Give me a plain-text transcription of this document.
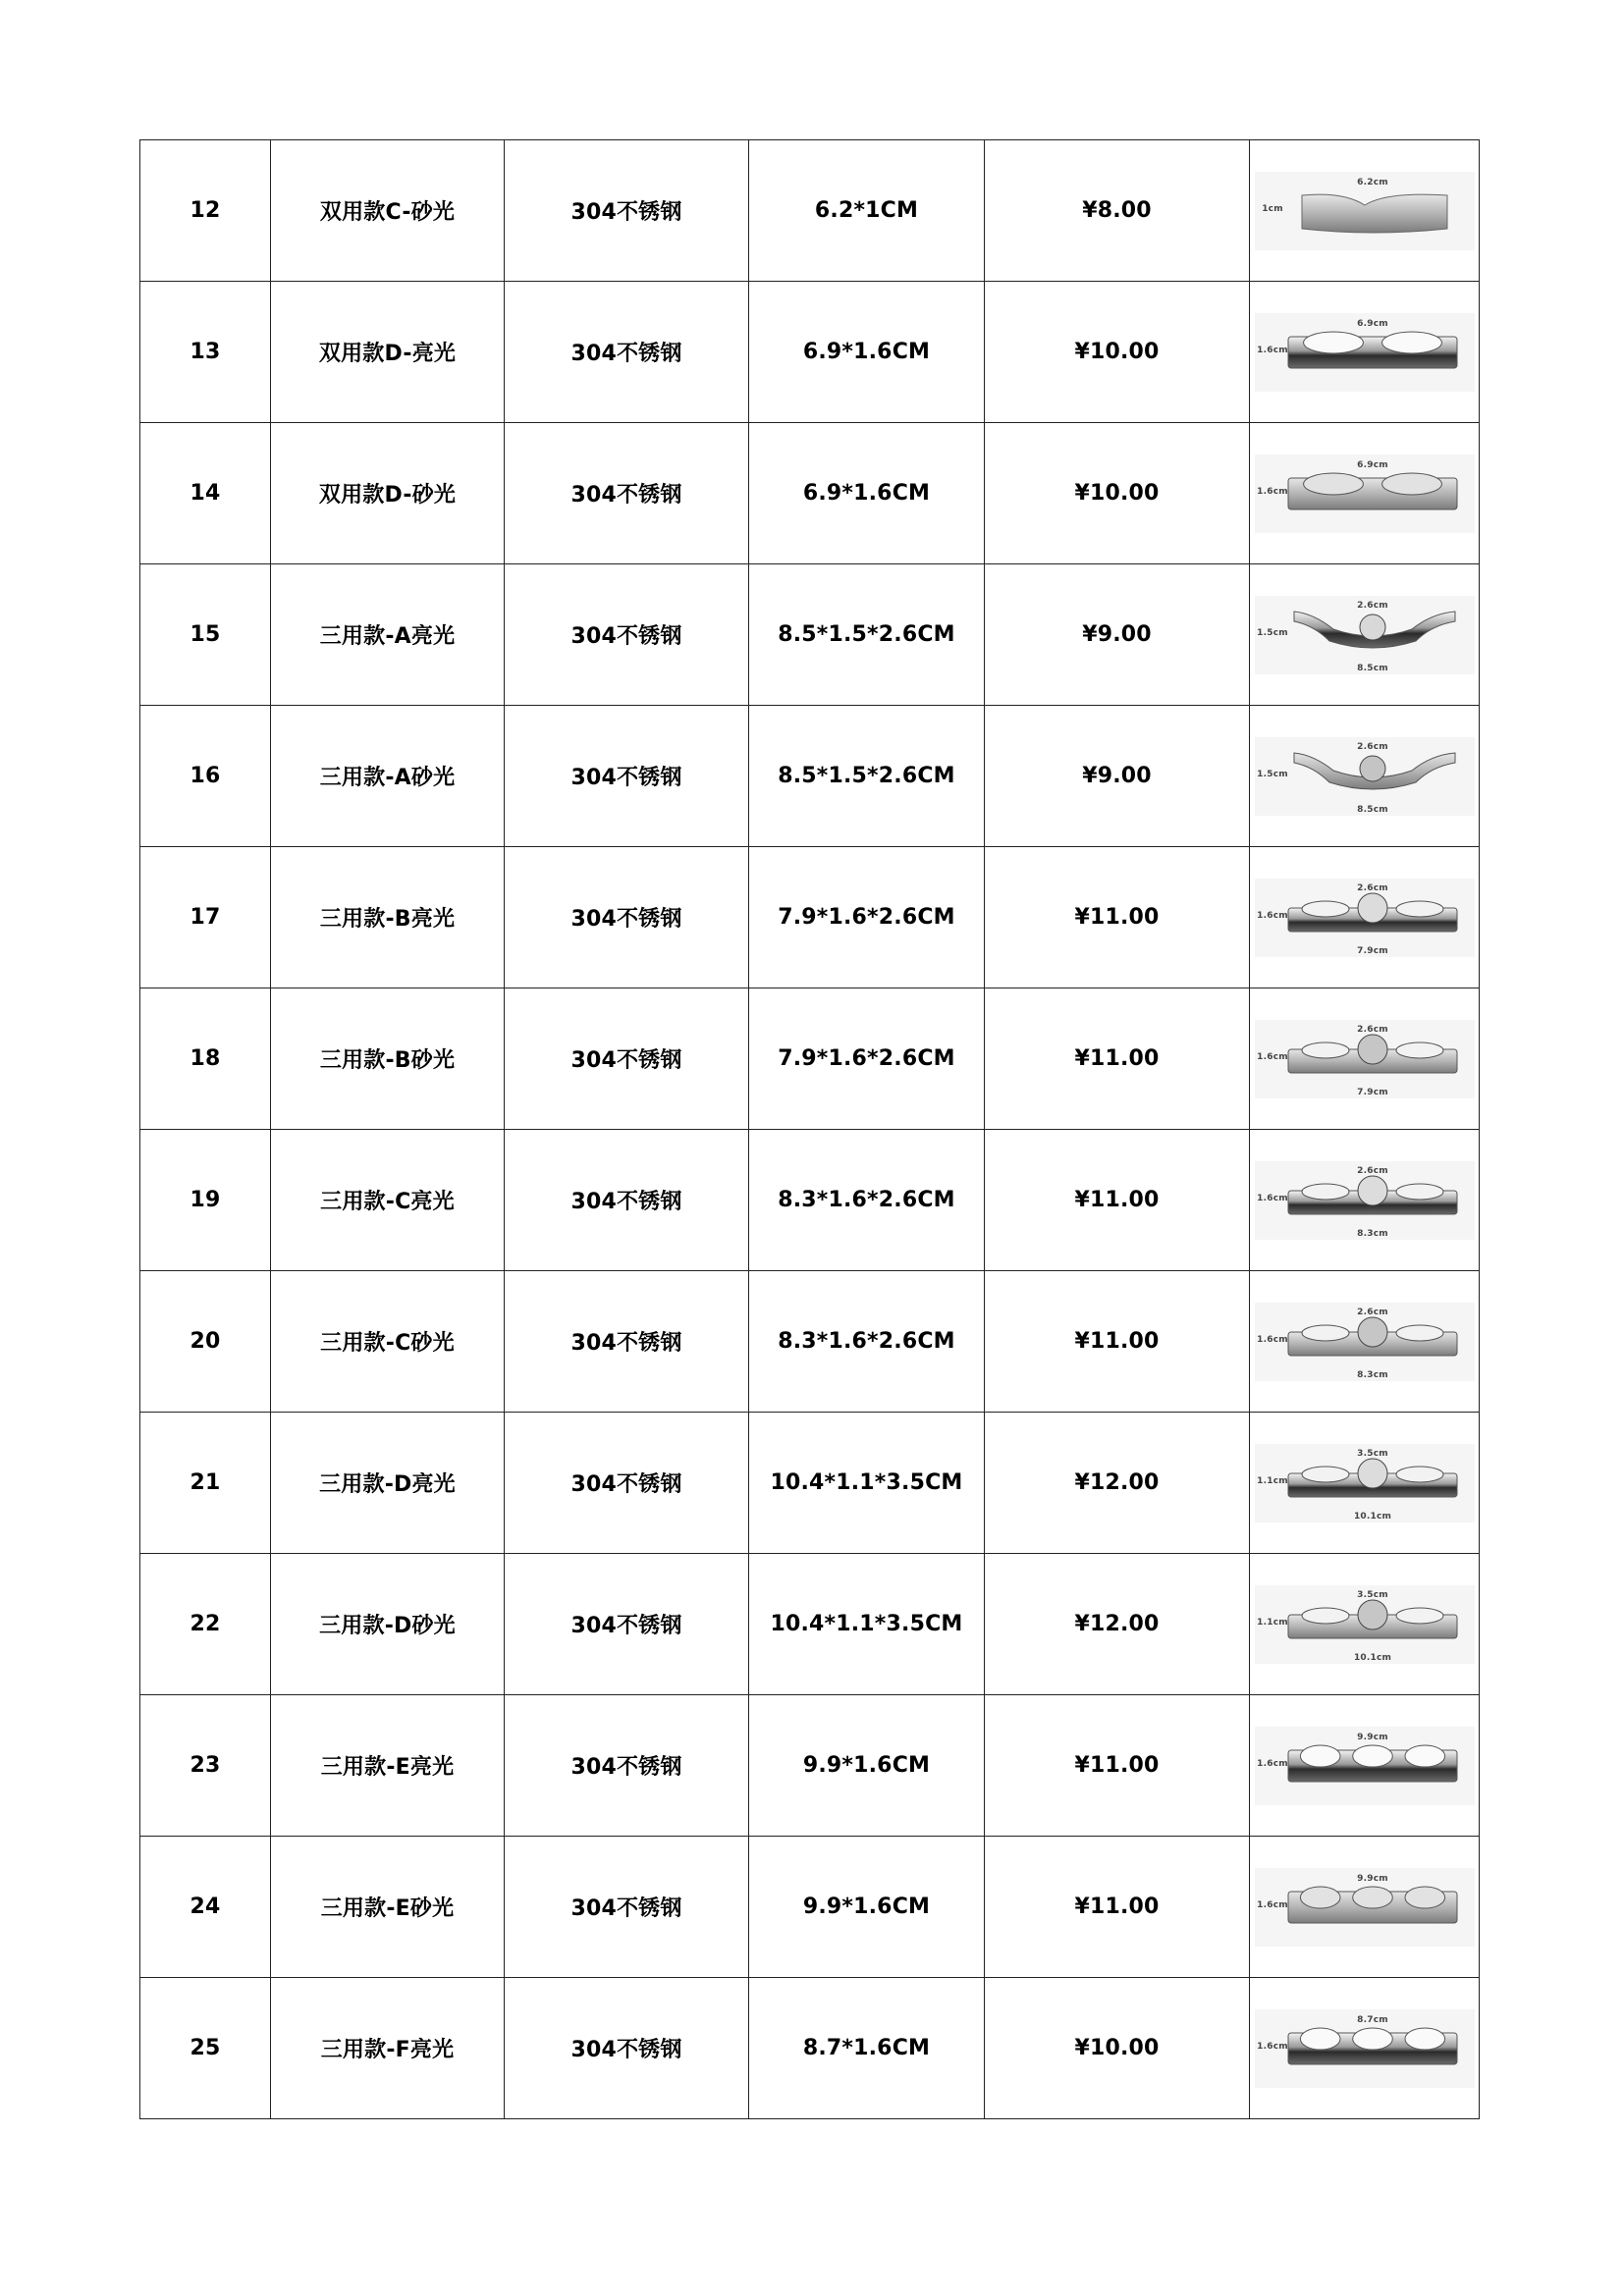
12	双用款C-砂光	304不锈钢	6.2*1CM	¥8.00	6.2cm
1cm

13	双用款D-亮光	304不锈钢	6.9*1.6CM	¥10.00	6.9cm
1.6cm

14	双用款D-砂光	304不锈钢	6.9*1.6CM	¥10.00	6.9cm
1.6cm

15	三用款-A亮光	304不锈钢	8.5*1.5*2.6CM	¥9.00	2.6cm
8.5cm
1.5cm

16	三用款-A砂光	304不锈钢	8.5*1.5*2.6CM	¥9.00	2.6cm
8.5cm
1.5cm

17	三用款-B亮光	304不锈钢	7.9*1.6*2.6CM	¥11.00	2.6cm
7.9cm
1.6cm

18	三用款-B砂光	304不锈钢	7.9*1.6*2.6CM	¥11.00	2.6cm
7.9cm
1.6cm

19	三用款-C亮光	304不锈钢	8.3*1.6*2.6CM	¥11.00	2.6cm
8.3cm
1.6cm

20	三用款-C砂光	304不锈钢	8.3*1.6*2.6CM	¥11.00	2.6cm
8.3cm
1.6cm

21	三用款-D亮光	304不锈钢	10.4*1.1*3.5CM	¥12.00	3.5cm
10.1cm
1.1cm

22	三用款-D砂光	304不锈钢	10.4*1.1*3.5CM	¥12.00	3.5cm
10.1cm
1.1cm

23	三用款-E亮光	304不锈钢	9.9*1.6CM	¥11.00	9.9cm
1.6cm

24	三用款-E砂光	304不锈钢	9.9*1.6CM	¥11.00	9.9cm
1.6cm

25	三用款-F亮光	304不锈钢	8.7*1.6CM	¥10.00	8.7cm
1.6cm
